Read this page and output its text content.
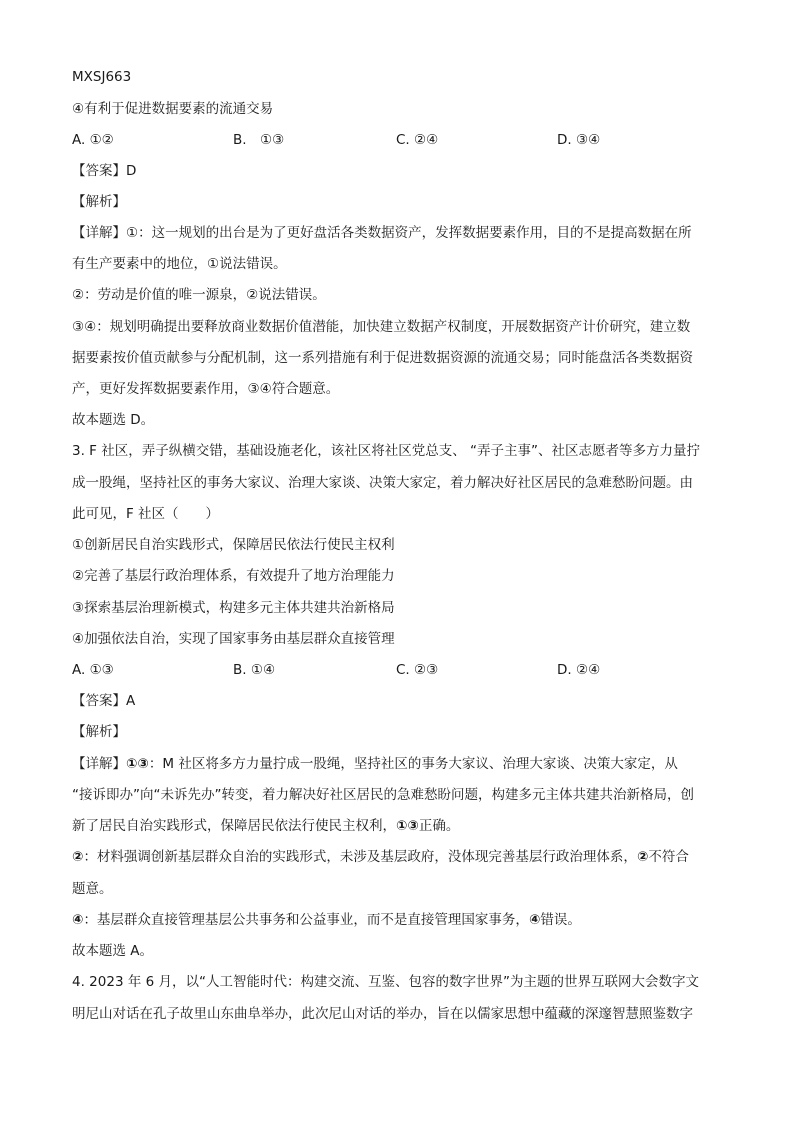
MXSJ663
④有利于促进数据要素的流通交易
A. ①②	B.　①③	C. ②④	D. ③④
【答案】D
【解析】
【详解】①：这一规划的出台是为了更好盘活各类数据资产，发挥数据要素作用，目的不是提高数据在所
有生产要素中的地位，①说法错误。
②：劳动是价值的唯一源泉，②说法错误。
③④：规划明确提出要释放商业数据价值潜能，加快建立数据产权制度，开展数据资产计价研究，建立数
据要素按价值贡献参与分配机制，这一系列措施有利于促进数据资源的流通交易；同时能盘活各类数据资
产，更好发挥数据要素作用，③④符合题意。
故本题选 D。
3. F 社区，弄子纵横交错，基础设施老化，该社区将社区党总支、 “弄子主事”、社区志愿者等多方力量拧
成一股绳，坚持社区的事务大家议、治理大家谈、决策大家定，着力解决好社区居民的急难愁盼问题。由
此可见，F 社区（　　）
①创新居民自治实践形式，保障居民依法行使民主权利
②完善了基层行政治理体系，有效提升了地方治理能力
③探索基层治理新模式，构建多元主体共建共治新格局
④加强依法自治，实现了国家事务由基层群众直接管理
A. ①③	B. ①④	C. ②③	D. ②④
【答案】A
【解析】
【详解】①③：M 社区将多方力量拧成一股绳，坚持社区的事务大家议、治理大家谈、决策大家定，从
“接诉即办”向“未诉先办”转变，着力解决好社区居民的急难愁盼问题，构建多元主体共建共治新格局，创
新了居民自治实践形式，保障居民依法行使民主权利，①③正确。
②：材料强调创新基层群众自治的实践形式，未涉及基层政府，没体现完善基层行政治理体系，②不符合
题意。
④：基层群众直接管理基层公共事务和公益事业，而不是直接管理国家事务，④错误。
故本题选 A。
4. 2023 年 6 月，以“人工智能时代：构建交流、互鉴、包容的数字世界”为主题的世界互联网大会数字文
明尼山对话在孔子故里山东曲阜举办，此次尼山对话的举办，旨在以儒家思想中蕴藏的深邃智慧照鉴数字
